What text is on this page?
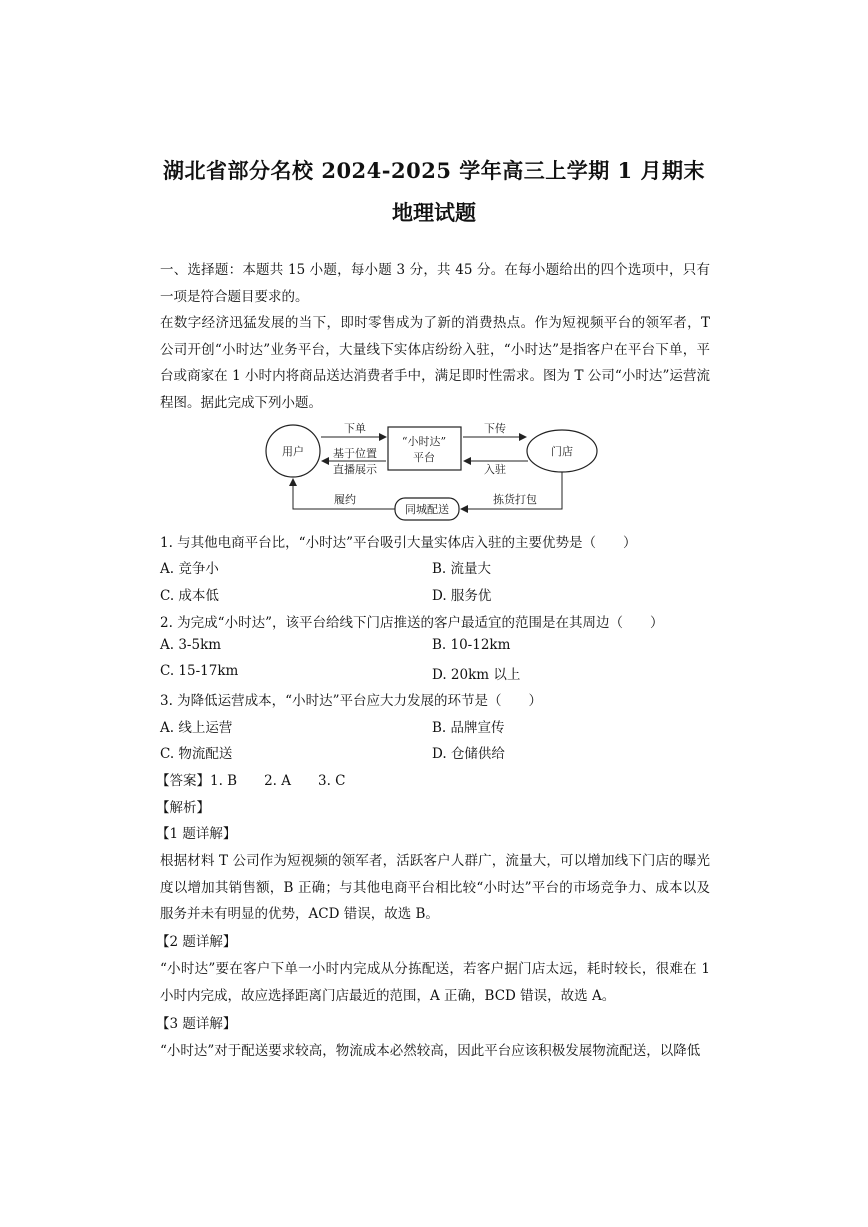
湖北省部分名校 2024-2025 学年高三上学期 1 月期末
地理试题
一、选择题：本题共 15 小题，每小题 3 分，共 45 分。在每小题给出的四个选项中，只有一项是符合题目要求的。
在数字经济迅猛发展的当下，即时零售成为了新的消费热点。作为短视频平台的领军者，T 公司开创“小时达”业务平台，大量线下实体店纷纷入驻，“小时达”是指客户在平台下单，平台或商家在 1 小时内将商品送达消费者手中，满足即时性需求。图为 T 公司“小时达”运营流程图。据此完成下列小题。
用户
“小时达”
平台	门店
下单
基于位置
直播展示
下传
入驻
同城配送
拣货打包
履约
1. 与其他电商平台比，“小时达”平台吸引大量实体店入驻的主要优势是（　　）
A. 竞争小	B. 流量大
C. 成本低	D. 服务优
2. 为完成“小时达”，该平台给线下门店推送的客户最适宜的范围是在其周边（　　）
A. 3-5km	B. 10-12km
C. 15-17km	D. 20km 以上
3. 为降低运营成本，“小时达”平台应大力发展的环节是（　　）
A. 线上运营	B. 品牌宣传
C. 物流配送	D. 仓储供给
【答案】1. B　　2. A　　3. C
【解析】
【1 题详解】
根据材料 T 公司作为短视频的领军者，活跃客户人群广，流量大，可以增加线下门店的曝光度以增加其销售额，B 正确；与其他电商平台相比较“小时达”平台的市场竞争力、成本以及服务并未有明显的优势，ACD 错误，故选 B。
【2 题详解】
“小时达”要在客户下单一小时内完成从分拣配送，若客户据门店太远，耗时较长，很难在 1 小时内完成，故应选择距离门店最近的范围，A 正确，BCD 错误，故选 A。
【3 题详解】
“小时达”对于配送要求较高，物流成本必然较高，因此平台应该积极发展物流配送，以降低
